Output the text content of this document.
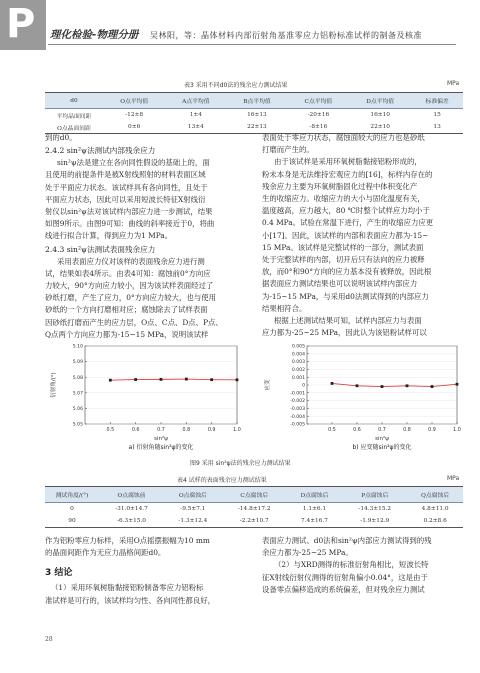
P 理化检验-物理分册 吴林阳，等：晶体材料内部衍射角基准零应力铝粉标准试样的制备及核准
表3 采用不同d0法的残余应力测试结果	MPa
d0	O点平均值	A点平均值	B点平均值	C点平均值	D点平均值	标准偏差
平均晶面间距	-12±8	1±4	16±13	-20±16	16±10	15
O点晶面间距	0±6	13±4	22±13	-8±16	22±10	13
到的d0。
2.4.2 sin²ψ法测试内部残余应力
sin²ψ法是建立在各向同性假设的基础上的，面
且使用的前提条件是被X射线照射的材料表面区域
处于平面应力状态。该试样具有各向同性，且处于
平面应力状态，因此可以采用短波长特征X射线衍
射仪以sin²ψ法对该试样内部应力进一步测试，结果
如图9所示。由图9可知：曲线的斜率接近于0，将曲
线进行拟合计算，得到应力为1 MPa。
2.4.3 sin²ψ法测试表面残余应力
采用表面应力仪对该样的表面残余应力进行测
试，结果如表4所示。由表4可知：腐蚀前0°方向应
力较大，90°方向应力较小，因为该试样表面经过了
砂纸打磨，产生了应力，0°方向应力较大，也与使用
砂纸的一个方向打磨相对应；腐蚀除去了试样表面
因砂纸打磨而产生的应力层，O点、C点、D点、P点、
Q点两个方向应力都为-15~15 MPa，说明该试样
表面处于零应力状态，腐蚀面较大的应力也是砂纸
打磨而产生的。
由于该试样是采用环氧树脂黏接铝粉形成的，
粉末本身是无法维持宏观应力的[16]，标样内存在的
残余应力主要为环氧树脂固化过程中体积变化产
生的收缩应力。收缩应力的大小与固化温度有关，
温度越高，应力越大，80 ℃时整个试样应力均小于
0.4 MPa。试验在常温下进行，产生的收缩应力应更
小[17]。因此，该试样的内部和表面应力都为-15~
15 MPa。该试样是完整试样的一部分，测试表面
处于完整试样的内部，切开后只有法向的应力被释
放，而0°和90°方向的应力基本没有被释放，因此根
据表面应力测试结果也可以说明该试样内部应力
为-15~15 MPa，与采用d0法测试得到的内部应力
结果相符合。
根据上述测试结果可知，试样内部应力与表面
应力都为-25~25 MPa，因此认为该铝粉试样可以
衍射角/(°)
sin²ψ
a) 衍射角随sin²ψ的变化
5.05
5.06
5.07
5.08
5.09
5.10
0.5	0.6	0.7	0.8	0.9	1.0
应变
sin²ψ
b) 应变随sin²ψ的变化
0.005
0.004
0.003
0.002
0.001
0
-0.001
-0.002
-0.003
-0.004
-0.005
0.5	0.6	0.7	0.8	0.9	1.0
图9 采用 sin²ψ法的残余应力测试结果
表4 试样的表面残余应力测试结果	MPa
测试角度/(°)	O点腐蚀前	O点腐蚀后	C点腐蚀后	D点腐蚀后	P点腐蚀后	Q点腐蚀后
0	-31.0±14.7	-9.5±7.1	-14.8±17.2	1.1±6.1	-14.3±15.2	4.8±11.0
90	-6.3±15.0	-1.3±12.4	-2.2±10.7	7.4±16.7	-1.9±12.9	0.2±8.6
作为铝粉零应力标样，采用O点摇摆振幅为10 mm
的晶面间距作为无应力晶格间距d0。
3 结论
（1）采用环氧树脂黏接铝粉制备零应力铝粉标
准试样是可行的，该试样均匀性、各向同性都良好，
28
表面应力测试、d0法和sin²ψ内部应力测试得到的残
余应力都为-25~25 MPa。
（2）与XRD测得的标准衍射角相比，短波长特
征X射线衍射仪测得的衍射角偏小0.04°，这是由于
设备零点偏移造成的系统偏差，但对残余应力测试
